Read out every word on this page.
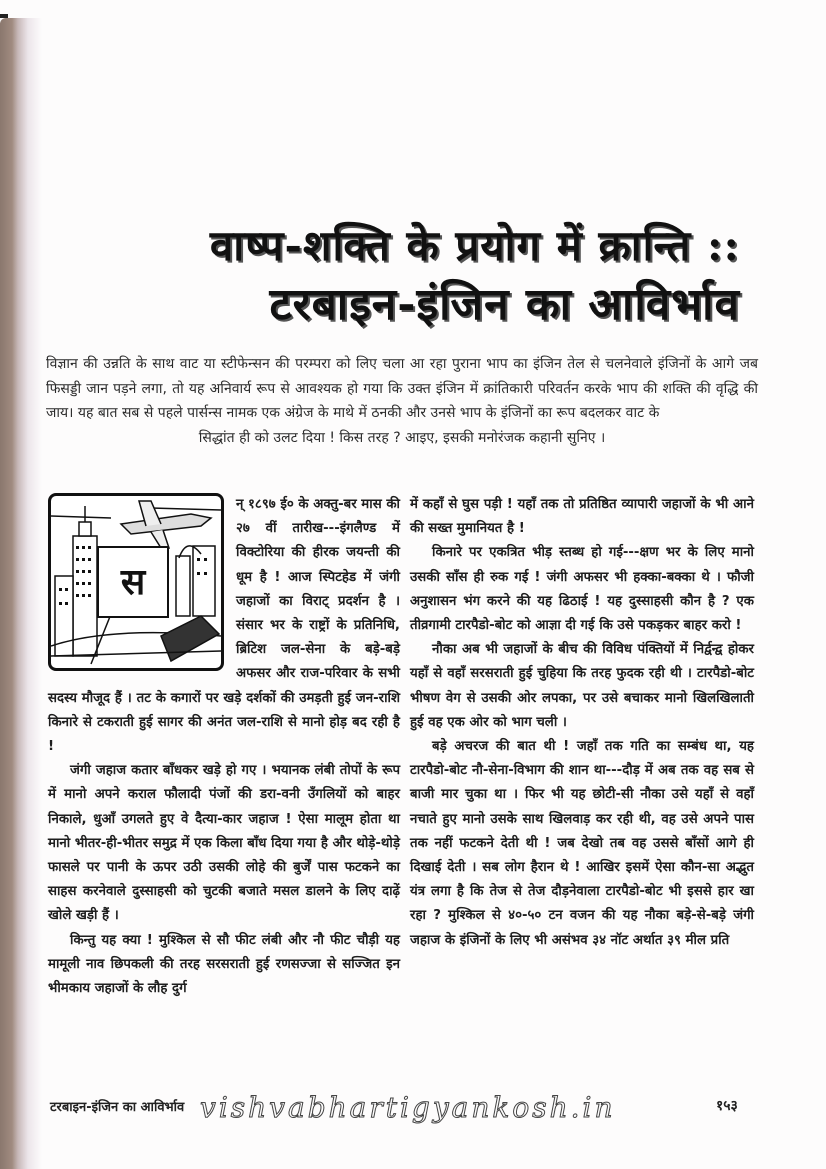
वाष्प-शक्ति के प्रयोग में क्रान्ति ::
टरबाइन-इंजिन का आविर्भाव
विज्ञान की उन्नति के साथ वाट या स्टीफेन्सन की परम्परा को लिए चला आ रहा पुराना भाप का इंजिन तेल से चलनेवाले इंजिनों के आगे जब फिसड्डी जान पड़ने लगा, तो यह अनिवार्य रूप से आवश्यक हो गया कि उक्त इंजिन में क्रांतिकारी परिवर्तन करके भाप की शक्ति की वृद्धि की जाय। यह बात सब से पहले पार्सन्स नामक एक अंग्रेज के माथे में ठनकी और उनसे भाप के इंजिनों का रूप बदलकर वाट के
सिद्धांत ही को उलट दिया ! किस तरह ? आइए, इसकी मनोरंजक कहानी सुनिए ।
स

न् १८९७ ई० के अक्तु-बर मास की २७ वीं तारीख---इंगलैण्ड में विक्टोरिया की हीरक जयन्ती की धूम है ! आज स्पिटहेड में जंगी जहाजों का विराट् प्रदर्शन है । संसार भर के राष्ट्रों के प्रतिनिधि, ब्रिटिश जल-सेना के बड़े-बड़े अफसर और राज-परिवार के सभी सदस्य मौजूद हैं । तट के कगारों पर खड़े दर्शकों की उमड़ती हुई जन-राशि किनारे से टकराती हुई सागर की अनंत जल-राशि से मानो होड़ बद रही है !

जंगी जहाज कतार बाँधकर खड़े हो गए । भयानक लंबी तोपों के रूप में मानो अपने कराल फौलादी पंजों की डरा-वनी उँगलियों को बाहर निकाले, धुआँ उगलते हुए वे दैत्या-कार जहाज ! ऐसा मालूम होता था मानो भीतर-ही-भीतर समुद्र में एक किला बाँध दिया गया है और थोड़े-थोड़े फासले पर पानी के ऊपर उठी उसकी लोहे की बुर्जें पास फटकने का साहस करनेवाले दुस्साहसी को चुटकी बजाते मसल डालने के लिए दाढ़ें खोले खड़ी हैं ।

किन्तु यह क्या ! मुश्किल से सौ फीट लंबी और नौ फीट चौड़ी यह मामूली नाव छिपकली की तरह सरसराती हुई रणसज्जा से सज्जित इन भीमकाय जहाजों के लौह दुर्ग

में कहाँ से घुस पड़ी ! यहाँ तक तो प्रतिष्ठित व्यापारी जहाजों के भी आने की सख्त मुमानियत है !

किनारे पर एकत्रित भीड़ स्तब्ध हो गई---क्षण भर के लिए मानो उसकी साँस ही रुक गई ! जंगी अफसर भी हक्का-बक्का थे । फौजी अनुशासन भंग करने की यह ढिठाई ! यह दुस्साहसी कौन है ? एक तीव्रगामी टारपैडो-बोट को आज्ञा दी गई कि उसे पकड़कर बाहर करो !

नौका अब भी जहाजों के बीच की विविध पंक्तियों में निर्द्वन्द्व होकर यहाँ से वहाँ सरसराती हुई चुहिया कि तरह फुदक रही थी । टारपैडो-बोट भीषण वेग से उसकी ओर लपका, पर उसे बचाकर मानो खिलखिलाती हुई वह एक ओर को भाग चली ।

बड़े अचरज की बात थी ! जहाँ तक गति का सम्बंध था, यह टारपैडो-बोट नौ-सेना-विभाग की शान था---दौड़ में अब तक वह सब से बाजी मार चुका था । फिर भी यह छोटी-सी नौका उसे यहाँ से वहाँ नचाते हुए मानो उसके साथ खिलवाड़ कर रही थी, वह उसे अपने पास तक नहीं फटकने देती थी ! जब देखो तब वह उससे बाँसों आगे ही दिखाई देती । सब लोग हैरान थे ! आखिर इसमें ऐसा कौन-सा अद्भुत यंत्र लगा है कि तेज से तेज दौड़नेवाला टारपैडो-बोट भी इससे हार खा रहा ? मुश्किल से ४०-५० टन वजन की यह नौका बड़े-से-बड़े जंगी जहाज के इंजिनों के लिए भी असंभव ३४ नॉट अर्थात ३९ मील प्रति

टरबाइन-इंजिन का आविर्भाव vishvabhartigyankosh.in	१५३
